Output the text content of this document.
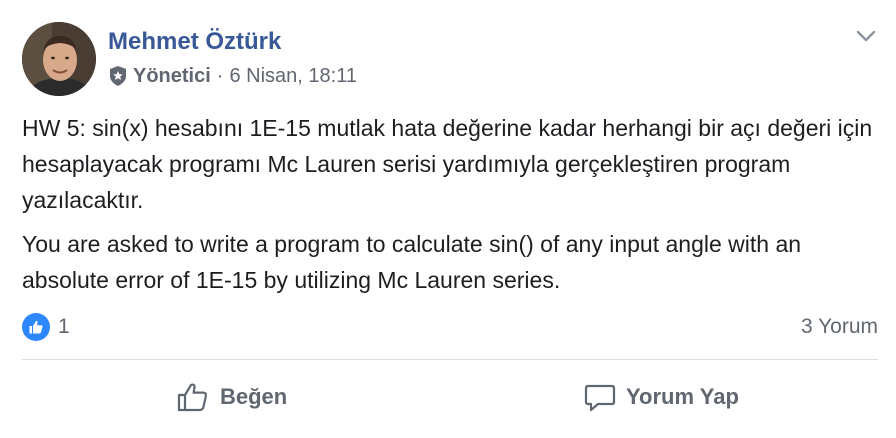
Mehmet Öztürk
Yönetici · 6 Nisan, 18:11

HW 5: sin(x) hesabını 1E-15 mutlak hata değerine kadar herhangi bir açı değeri için hesaplayacak programı Mc Lauren serisi yardımıyla gerçekleştiren program yazılacaktır.

You are asked to write a program to calculate sin() of any input angle with an absolute error of 1E-15 by utilizing Mc Lauren series.

1	3 Yorum
Beğen	Yorum Yap
